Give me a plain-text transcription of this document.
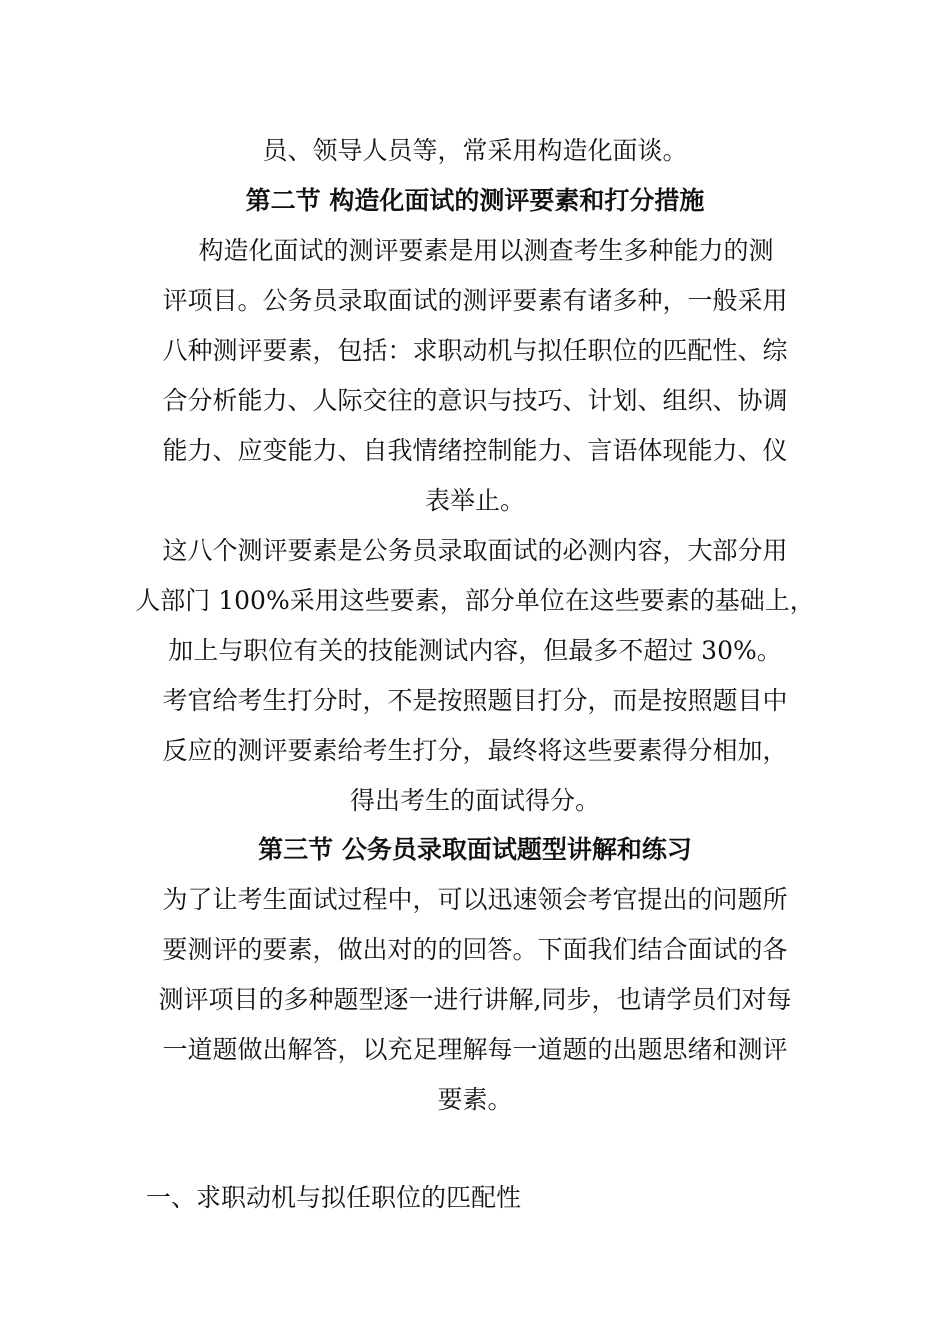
员、领导人员等，常采用构造化面谈。
第二节 构造化面试的测评要素和打分措施
构造化面试的测评要素是用以测查考生多种能力的测
评项目。公务员录取面试的测评要素有诸多种，一般采用
八种测评要素，包括：求职动机与拟任职位的匹配性、综
合分析能力、人际交往的意识与技巧、计划、组织、协调
能力、应变能力、自我情绪控制能力、言语体现能力、仪
表举止。
这八个测评要素是公务员录取面试的必测内容，大部分用
人部门 100%采用这些要素，部分单位在这些要素的基础上，
加上与职位有关的技能测试内容，但最多不超过 30%。
考官给考生打分时，不是按照题目打分，而是按照题目中
反应的测评要素给考生打分，最终将这些要素得分相加，
得出考生的面试得分。
第三节 公务员录取面试题型讲解和练习
为了让考生面试过程中，可以迅速领会考官提出的问题所
要测评的要素，做出对的的回答。下面我们结合面试的各
测评项目的多种题型逐一进行讲解,同步，也请学员们对每
一道题做出解答，以充足理解每一道题的出题思绪和测评
要素。
一、求职动机与拟任职位的匹配性
